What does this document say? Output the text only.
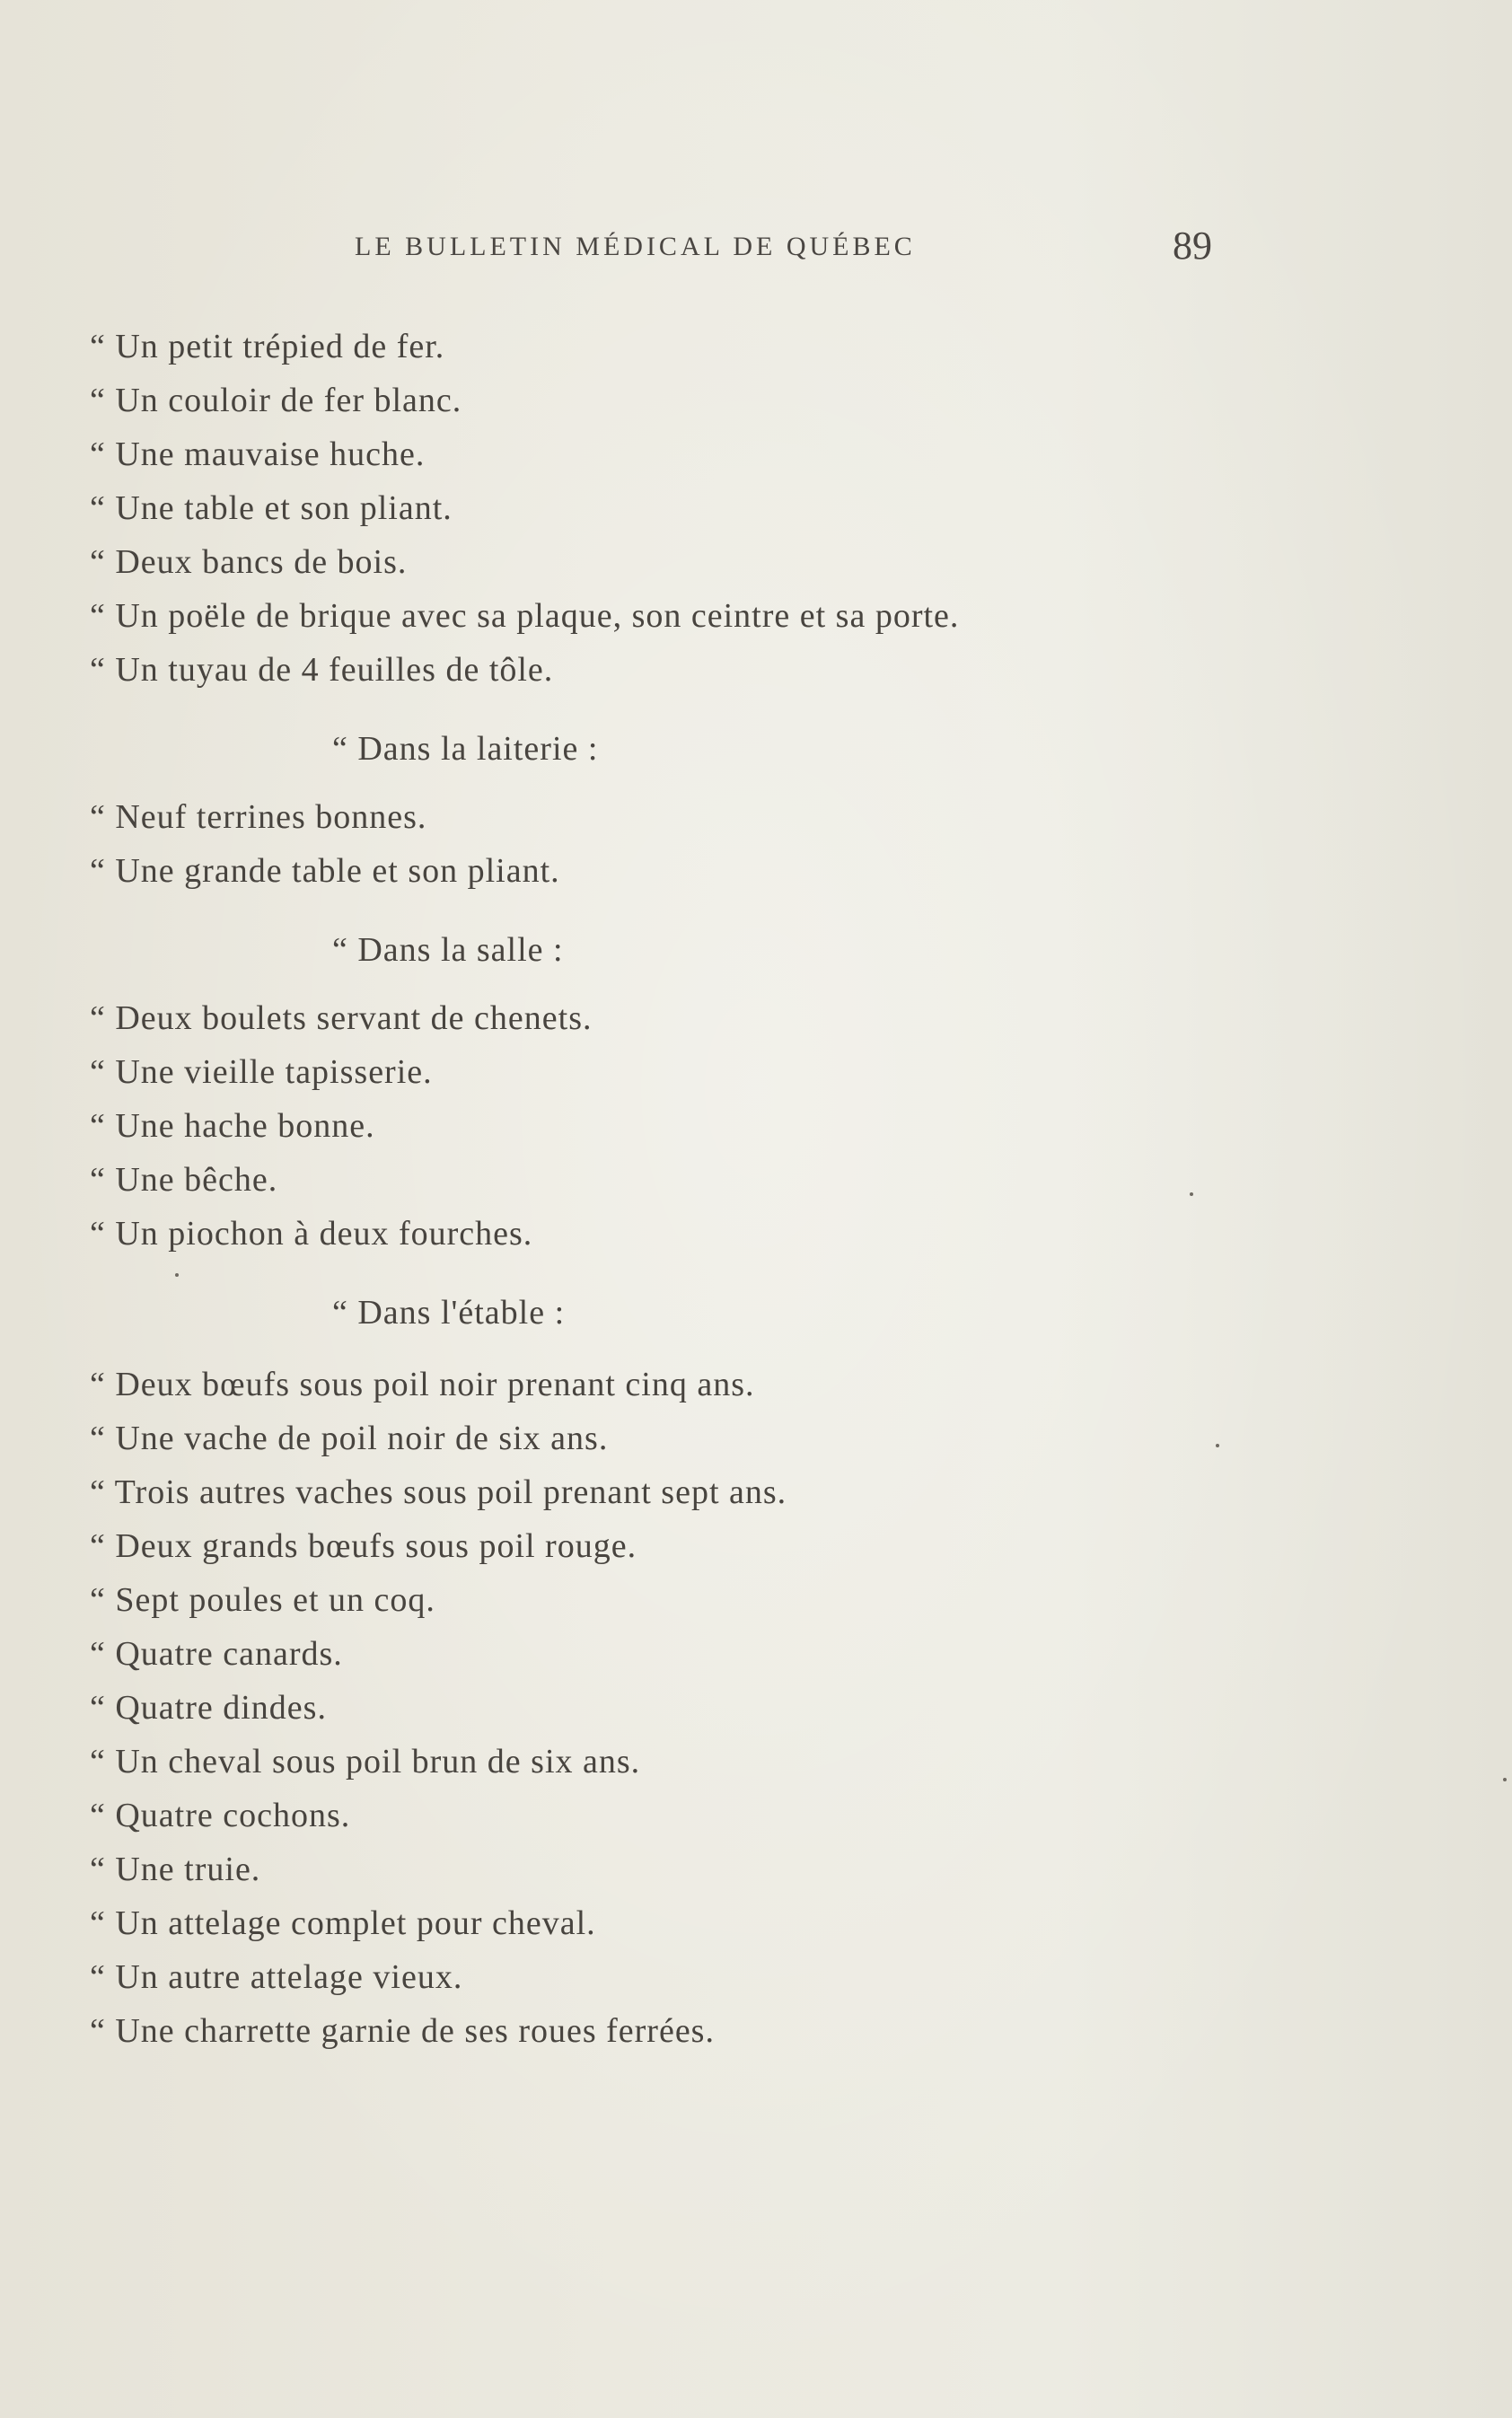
LE BULLETIN MÉDICAL DE QUÉBEC	89
“ Un petit trépied de fer.
“ Un couloir de fer blanc.
“ Une mauvaise huche.
“ Une table et son pliant.
“ Deux bancs de bois.
“ Un poële de brique avec sa plaque, son ceintre et sa porte.
“ Un tuyau de 4 feuilles de tôle.
“ Dans la laiterie :
“ Neuf terrines bonnes.
“ Une grande table et son pliant.
“ Dans la salle :
“ Deux boulets servant de chenets.
“ Une vieille tapisserie.
“ Une hache bonne.
“ Une bêche.
“ Un piochon à deux fourches.
“ Dans l'étable :
“ Deux bœufs sous poil noir prenant cinq ans.
“ Une vache de poil noir de six ans.
“ Trois autres vaches sous poil prenant sept ans.
“ Deux grands bœufs sous poil rouge.
“ Sept poules et un coq.
“ Quatre canards.
“ Quatre dindes.
“ Un cheval sous poil brun de six ans.
“ Quatre cochons.
“ Une truie.
“ Un attelage complet pour cheval.
“ Un autre attelage vieux.
“ Une charrette garnie de ses roues ferrées.
